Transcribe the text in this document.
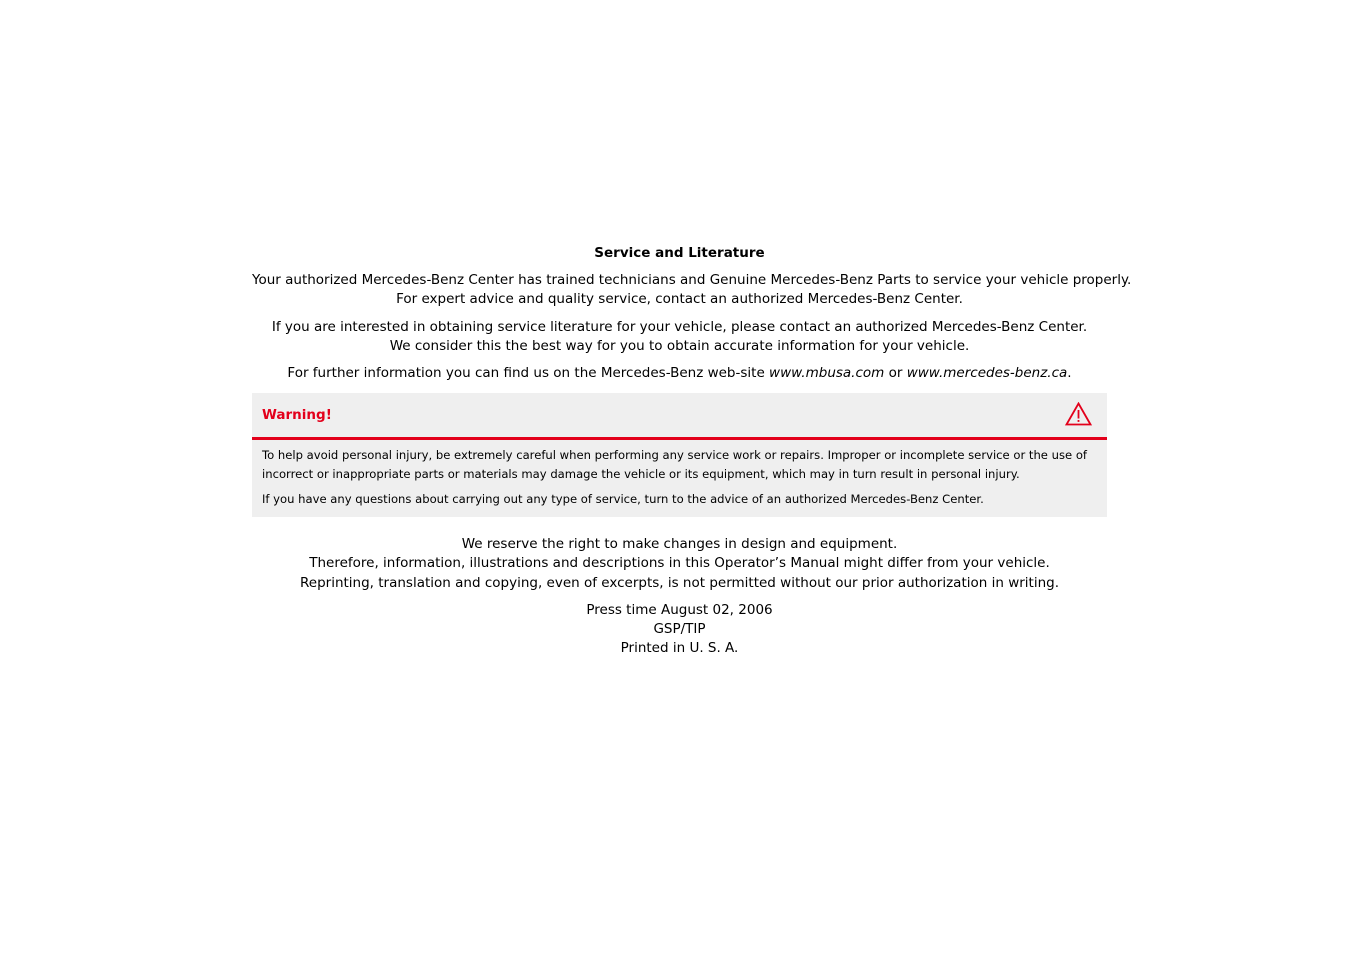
Service and Literature
Your authorized Mercedes-Benz Center has trained technicians and Genuine Mercedes-Benz Parts to service your vehicle properly.
For expert advice and quality service, contact an authorized Mercedes-Benz Center.
If you are interested in obtaining service literature for your vehicle, please contact an authorized Mercedes-Benz Center.
We consider this the best way for you to obtain accurate information for your vehicle.
For further information you can find us on the Mercedes-Benz web-site www.mbusa.com or www.mercedes-benz.ca.
Warning!

To help avoid personal injury, be extremely careful when performing any service work or repairs. Improper or incomplete service or the use of incorrect or inappropriate parts or materials may damage the vehicle or its equipment, which may in turn result in personal injury.

If you have any questions about carrying out any type of service, turn to the advice of an authorized Mercedes-Benz Center.

We reserve the right to make changes in design and equipment.
Therefore, information, illustrations and descriptions in this Operator’s Manual might differ from your vehicle.
Reprinting, translation and copying, even of excerpts, is not permitted without our prior authorization in writing.
Press time August 02, 2006
GSP/TIP
Printed in U. S. A.
